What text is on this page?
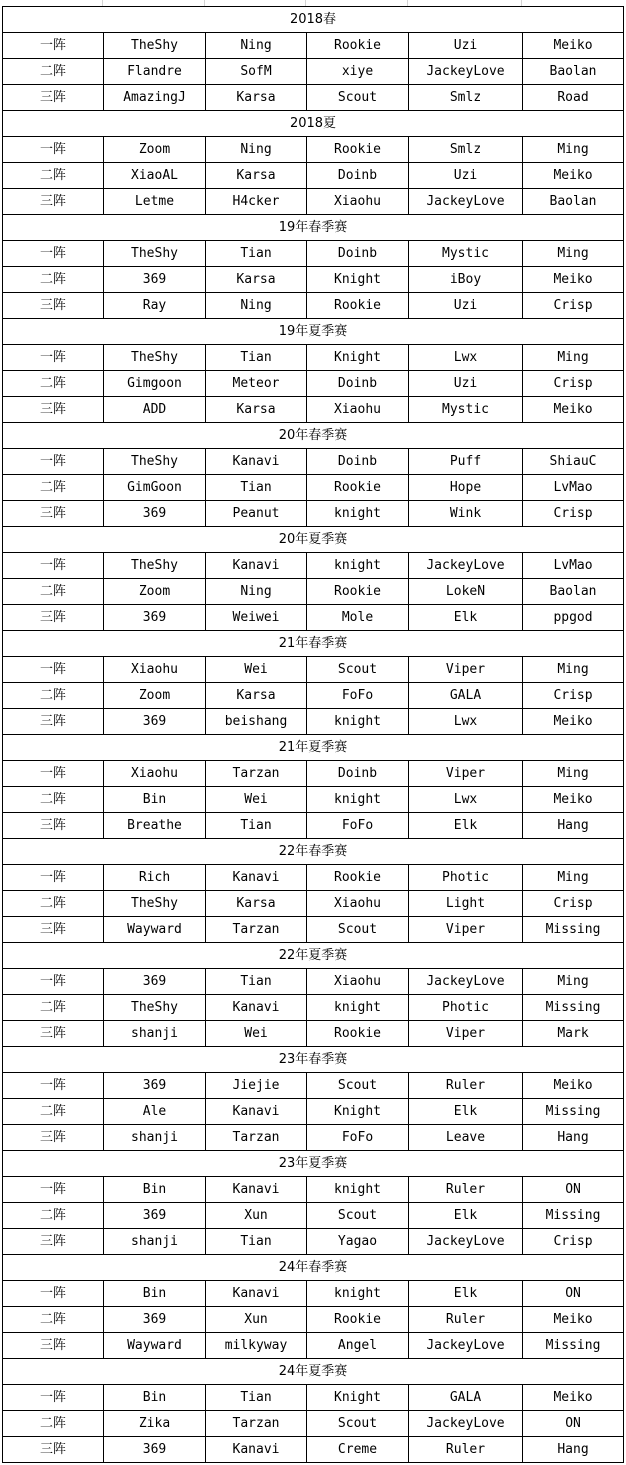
2018春					
一阵	TheShy	Ning	Rookie	Uzi	Meiko
二阵	Flandre	SofM	xiye	JackeyLove	Baolan
三阵	AmazingJ	Karsa	Scout	Smlz	Road
2018夏					
一阵	Zoom	Ning	Rookie	Smlz	Ming
二阵	XiaoAL	Karsa	Doinb	Uzi	Meiko
三阵	Letme	H4cker	Xiaohu	JackeyLove	Baolan
19年春季赛					
一阵	TheShy	Tian	Doinb	Mystic	Ming
二阵	369	Karsa	Knight	iBoy	Meiko
三阵	Ray	Ning	Rookie	Uzi	Crisp
19年夏季赛					
一阵	TheShy	Tian	Knight	Lwx	Ming
二阵	Gimgoon	Meteor	Doinb	Uzi	Crisp
三阵	ADD	Karsa	Xiaohu	Mystic	Meiko
20年春季赛					
一阵	TheShy	Kanavi	Doinb	Puff	ShiauC
二阵	GimGoon	Tian	Rookie	Hope	LvMao
三阵	369	Peanut	knight	Wink	Crisp
20年夏季赛					
一阵	TheShy	Kanavi	knight	JackeyLove	LvMao
二阵	Zoom	Ning	Rookie	LokeN	Baolan
三阵	369	Weiwei	Mole	Elk	ppgod
21年春季赛					
一阵	Xiaohu	Wei	Scout	Viper	Ming
二阵	Zoom	Karsa	FoFo	GALA	Crisp
三阵	369	beishang	knight	Lwx	Meiko
21年夏季赛					
一阵	Xiaohu	Tarzan	Doinb	Viper	Ming
二阵	Bin	Wei	knight	Lwx	Meiko
三阵	Breathe	Tian	FoFo	Elk	Hang
22年春季赛					
一阵	Rich	Kanavi	Rookie	Photic	Ming
二阵	TheShy	Karsa	Xiaohu	Light	Crisp
三阵	Wayward	Tarzan	Scout	Viper	Missing
22年夏季赛					
一阵	369	Tian	Xiaohu	JackeyLove	Ming
二阵	TheShy	Kanavi	knight	Photic	Missing
三阵	shanji	Wei	Rookie	Viper	Mark
23年春季赛					
一阵	369	Jiejie	Scout	Ruler	Meiko
二阵	Ale	Kanavi	Knight	Elk	Missing
三阵	shanji	Tarzan	FoFo	Leave	Hang
23年夏季赛					
一阵	Bin	Kanavi	knight	Ruler	ON
二阵	369	Xun	Scout	Elk	Missing
三阵	shanji	Tian	Yagao	JackeyLove	Crisp
24年春季赛					
一阵	Bin	Kanavi	knight	Elk	ON
二阵	369	Xun	Rookie	Ruler	Meiko
三阵	Wayward	milkyway	Angel	JackeyLove	Missing
24年夏季赛					
一阵	Bin	Tian	Knight	GALA	Meiko
二阵	Zika	Tarzan	Scout	JackeyLove	ON
三阵	369	Kanavi	Creme	Ruler	Hang
